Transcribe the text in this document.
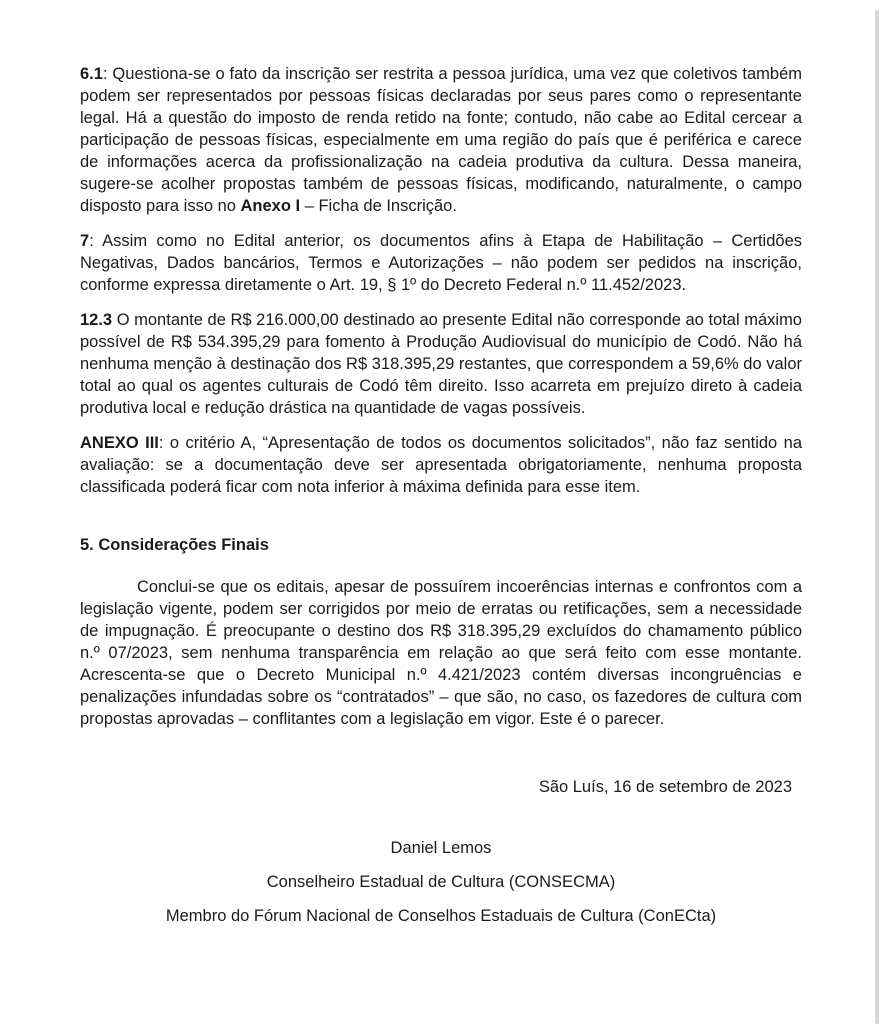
6.1: Questiona-se o fato da inscrição ser restrita a pessoa jurídica, uma vez que coletivos também podem ser representados por pessoas físicas declaradas por seus pares como o representante legal. Há a questão do imposto de renda retido na fonte; contudo, não cabe ao Edital cercear a participação de pessoas físicas, especialmente em uma região do país que é periférica e carece de informações acerca da profissionalização na cadeia produtiva da cultura. Dessa maneira, sugere-se acolher propostas também de pessoas físicas, modificando, naturalmente, o campo disposto para isso no Anexo I – Ficha de Inscrição.

7: Assim como no Edital anterior, os documentos afins à Etapa de Habilitação – Certidões Negativas, Dados bancários, Termos e Autorizações – não podem ser pedidos na inscrição, conforme expressa diretamente o Art. 19, § 1º do Decreto Federal n.º 11.452/2023.

12.3 O montante de R$ 216.000,00 destinado ao presente Edital não corresponde ao total máximo possível de R$ 534.395,29 para fomento à Produção Audiovisual do município de Codó. Não há nenhuma menção à destinação dos R$ 318.395,29 restantes, que correspondem a 59,6% do valor total ao qual os agentes culturais de Codó têm direito. Isso acarreta em prejuízo direto à cadeia produtiva local e redução drástica na quantidade de vagas possíveis.

ANEXO III: o critério A, “Apresentação de todos os documentos solicitados”, não faz sentido na avaliação: se a documentação deve ser apresentada obrigatoriamente, nenhuma proposta classificada poderá ficar com nota inferior à máxima definida para esse item.

5. Considerações Finais

Conclui-se que os editais, apesar de possuírem incoerências internas e confrontos com a legislação vigente, podem ser corrigidos por meio de erratas ou retificações, sem a necessidade de impugnação. É preocupante o destino dos R$ 318.395,29 excluídos do chamamento público n.º 07/2023, sem nenhuma transparência em relação ao que será feito com esse montante. Acrescenta-se que o Decreto Municipal n.º 4.421/2023 contém diversas incongruências e penalizações infundadas sobre os “contratados” – que são, no caso, os fazedores de cultura com propostas aprovadas – conflitantes com a legislação em vigor. Este é o parecer.

São Luís, 16 de setembro de 2023

Daniel Lemos

Conselheiro Estadual de Cultura (CONSECMA)

Membro do Fórum Nacional de Conselhos Estaduais de Cultura (ConECta)
